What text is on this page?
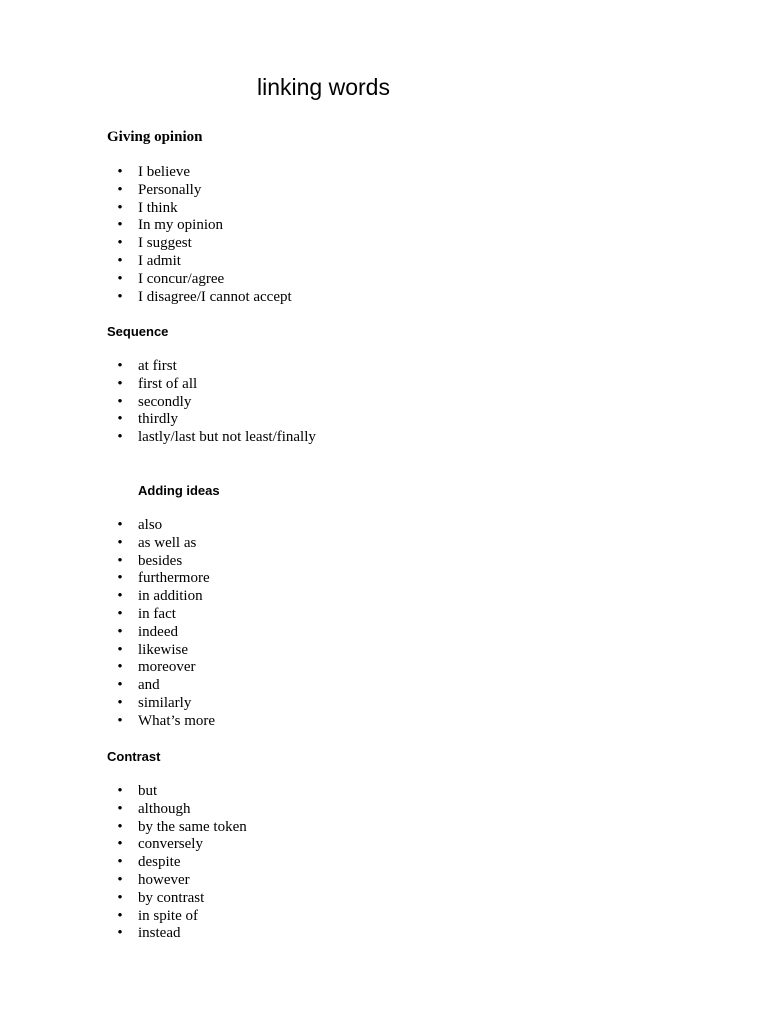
linking words
Giving opinion
• I believe
• Personally
• I think
• In my opinion
• I suggest
• I admit
• I concur/agree
• I disagree/I cannot accept
Sequence
• at first
• first of all
• secondly
• thirdly
• lastly/last but not least/finally
Adding ideas
• also
• as well as
• besides
• furthermore
• in addition
• in fact
• indeed
• likewise
• moreover
• and
• similarly
• What’s more
Contrast
• but
• although
• by the same token
• conversely
• despite
• however
• by contrast
• in spite of
• instead
